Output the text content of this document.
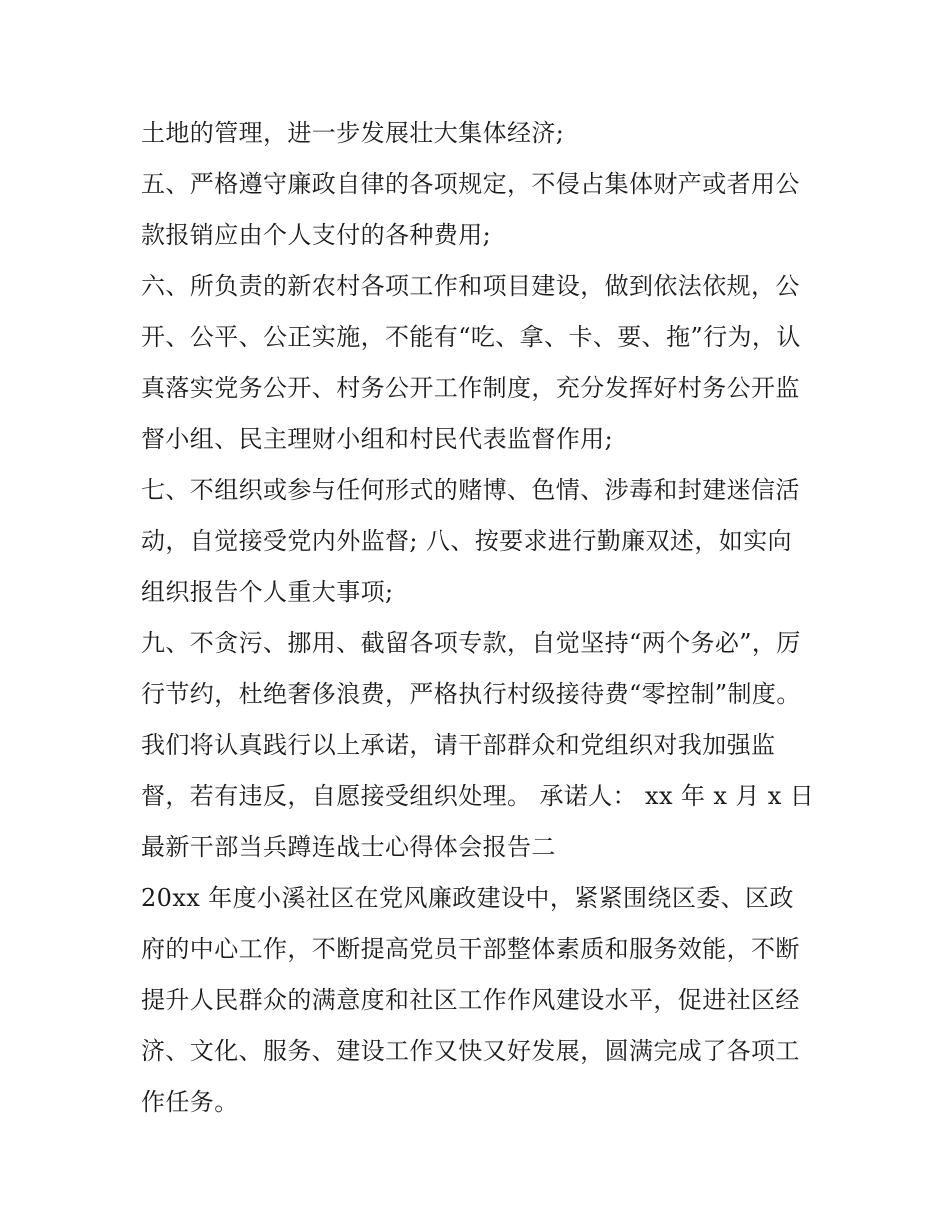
土地的管理，进一步发展壮大集体经济;
五、严格遵守廉政自律的各项规定，不侵占集体财产或者用公
款报销应由个人支付的各种费用;
六、所负责的新农村各项工作和项目建设，做到依法依规，公
开、公平、公正实施，不能有“吃、拿、卡、要、拖”行为，认
真落实党务公开、村务公开工作制度，充分发挥好村务公开监
督小组、民主理财小组和村民代表监督作用;
七、不组织或参与任何形式的赌博、色情、涉毒和封建迷信活
动，自觉接受党内外监督; 八、按要求进行勤廉双述，如实向
组织报告个人重大事项;
九、不贪污、挪用、截留各项专款，自觉坚持“两个务必”，厉
行节约，杜绝奢侈浪费，严格执行村级接待费“零控制”制度。
我们将认真践行以上承诺，请干部群众和党组织对我加强监
督，若有违反，自愿接受组织处理。 承诺人： xx 年 x 月 x 日
最新干部当兵蹲连战士心得体会报告二
20xx 年度小溪社区在党风廉政建设中，紧紧围绕区委、区政
府的中心工作，不断提高党员干部整体素质和服务效能，不断
提升人民群众的满意度和社区工作作风建设水平，促进社区经
济、文化、服务、建设工作又快又好发展，圆满完成了各项工
作任务。
